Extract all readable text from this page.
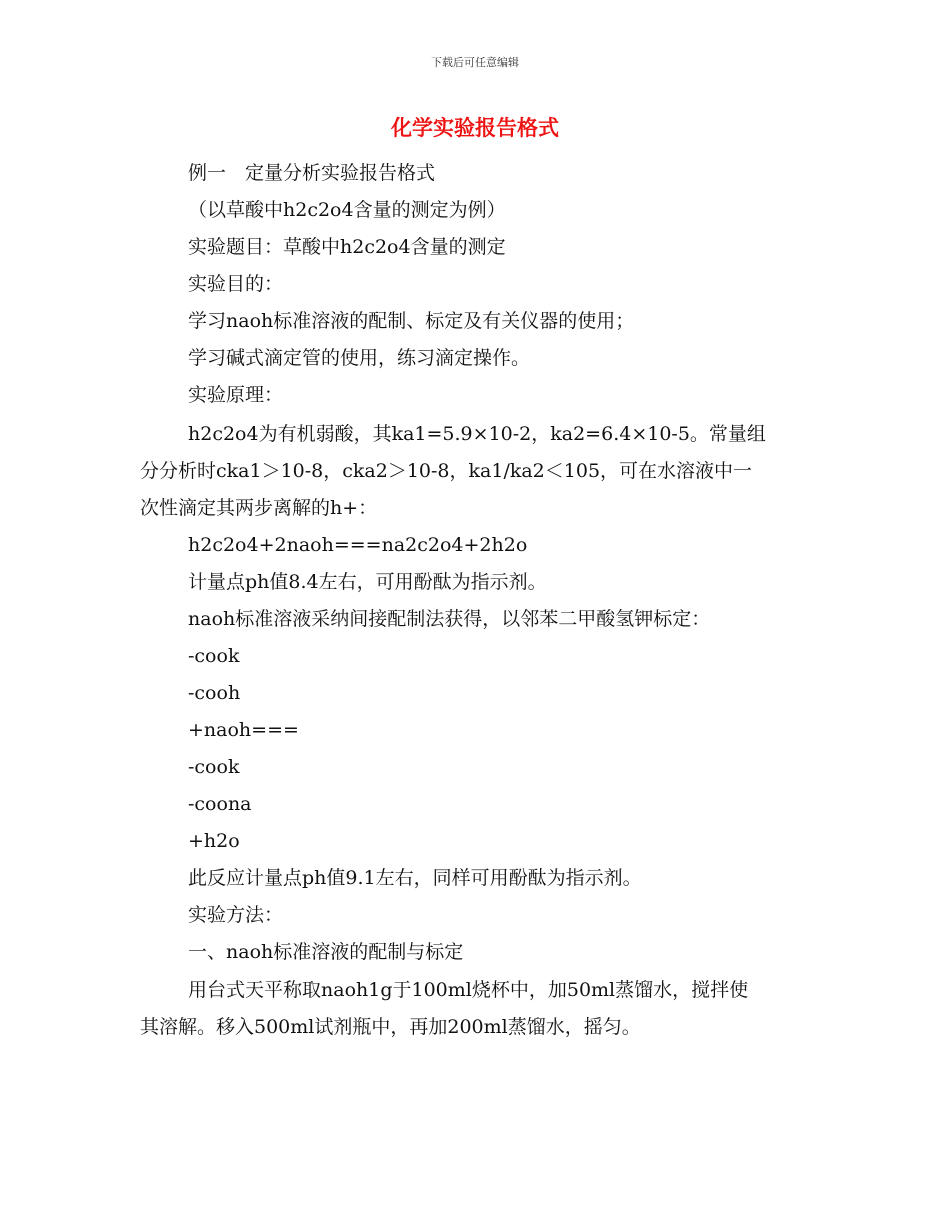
下载后可任意编辑
化学实验报告格式
例一　定量分析实验报告格式
（以草酸中h2c2o4含量的测定为例）
实验题目：草酸中h2c2o4含量的测定
实验目的：
学习naoh标准溶液的配制、标定及有关仪器的使用；
学习碱式滴定管的使用，练习滴定操作。
实验原理：
h2c2o4为有机弱酸，其ka1=5.9×10-2，ka2=6.4×10-5。常量组
分分析时cka1＞10-8，cka2＞10-8，ka1/ka2＜105，可在水溶液中一
次性滴定其两步离解的h+：
h2c2o4+2naoh===na2c2o4+2h2o
计量点ph值8.4左右，可用酚酞为指示剂。
naoh标准溶液采纳间接配制法获得，以邻苯二甲酸氢钾标定：
-cook
-cooh
+naoh===
-cook
-coona
+h2o
此反应计量点ph值9.1左右，同样可用酚酞为指示剂。
实验方法：
一、naoh标准溶液的配制与标定
用台式天平称取naoh1g于100ml烧杯中，加50ml蒸馏水，搅拌使
其溶解。移入500ml试剂瓶中，再加200ml蒸馏水，摇匀。
